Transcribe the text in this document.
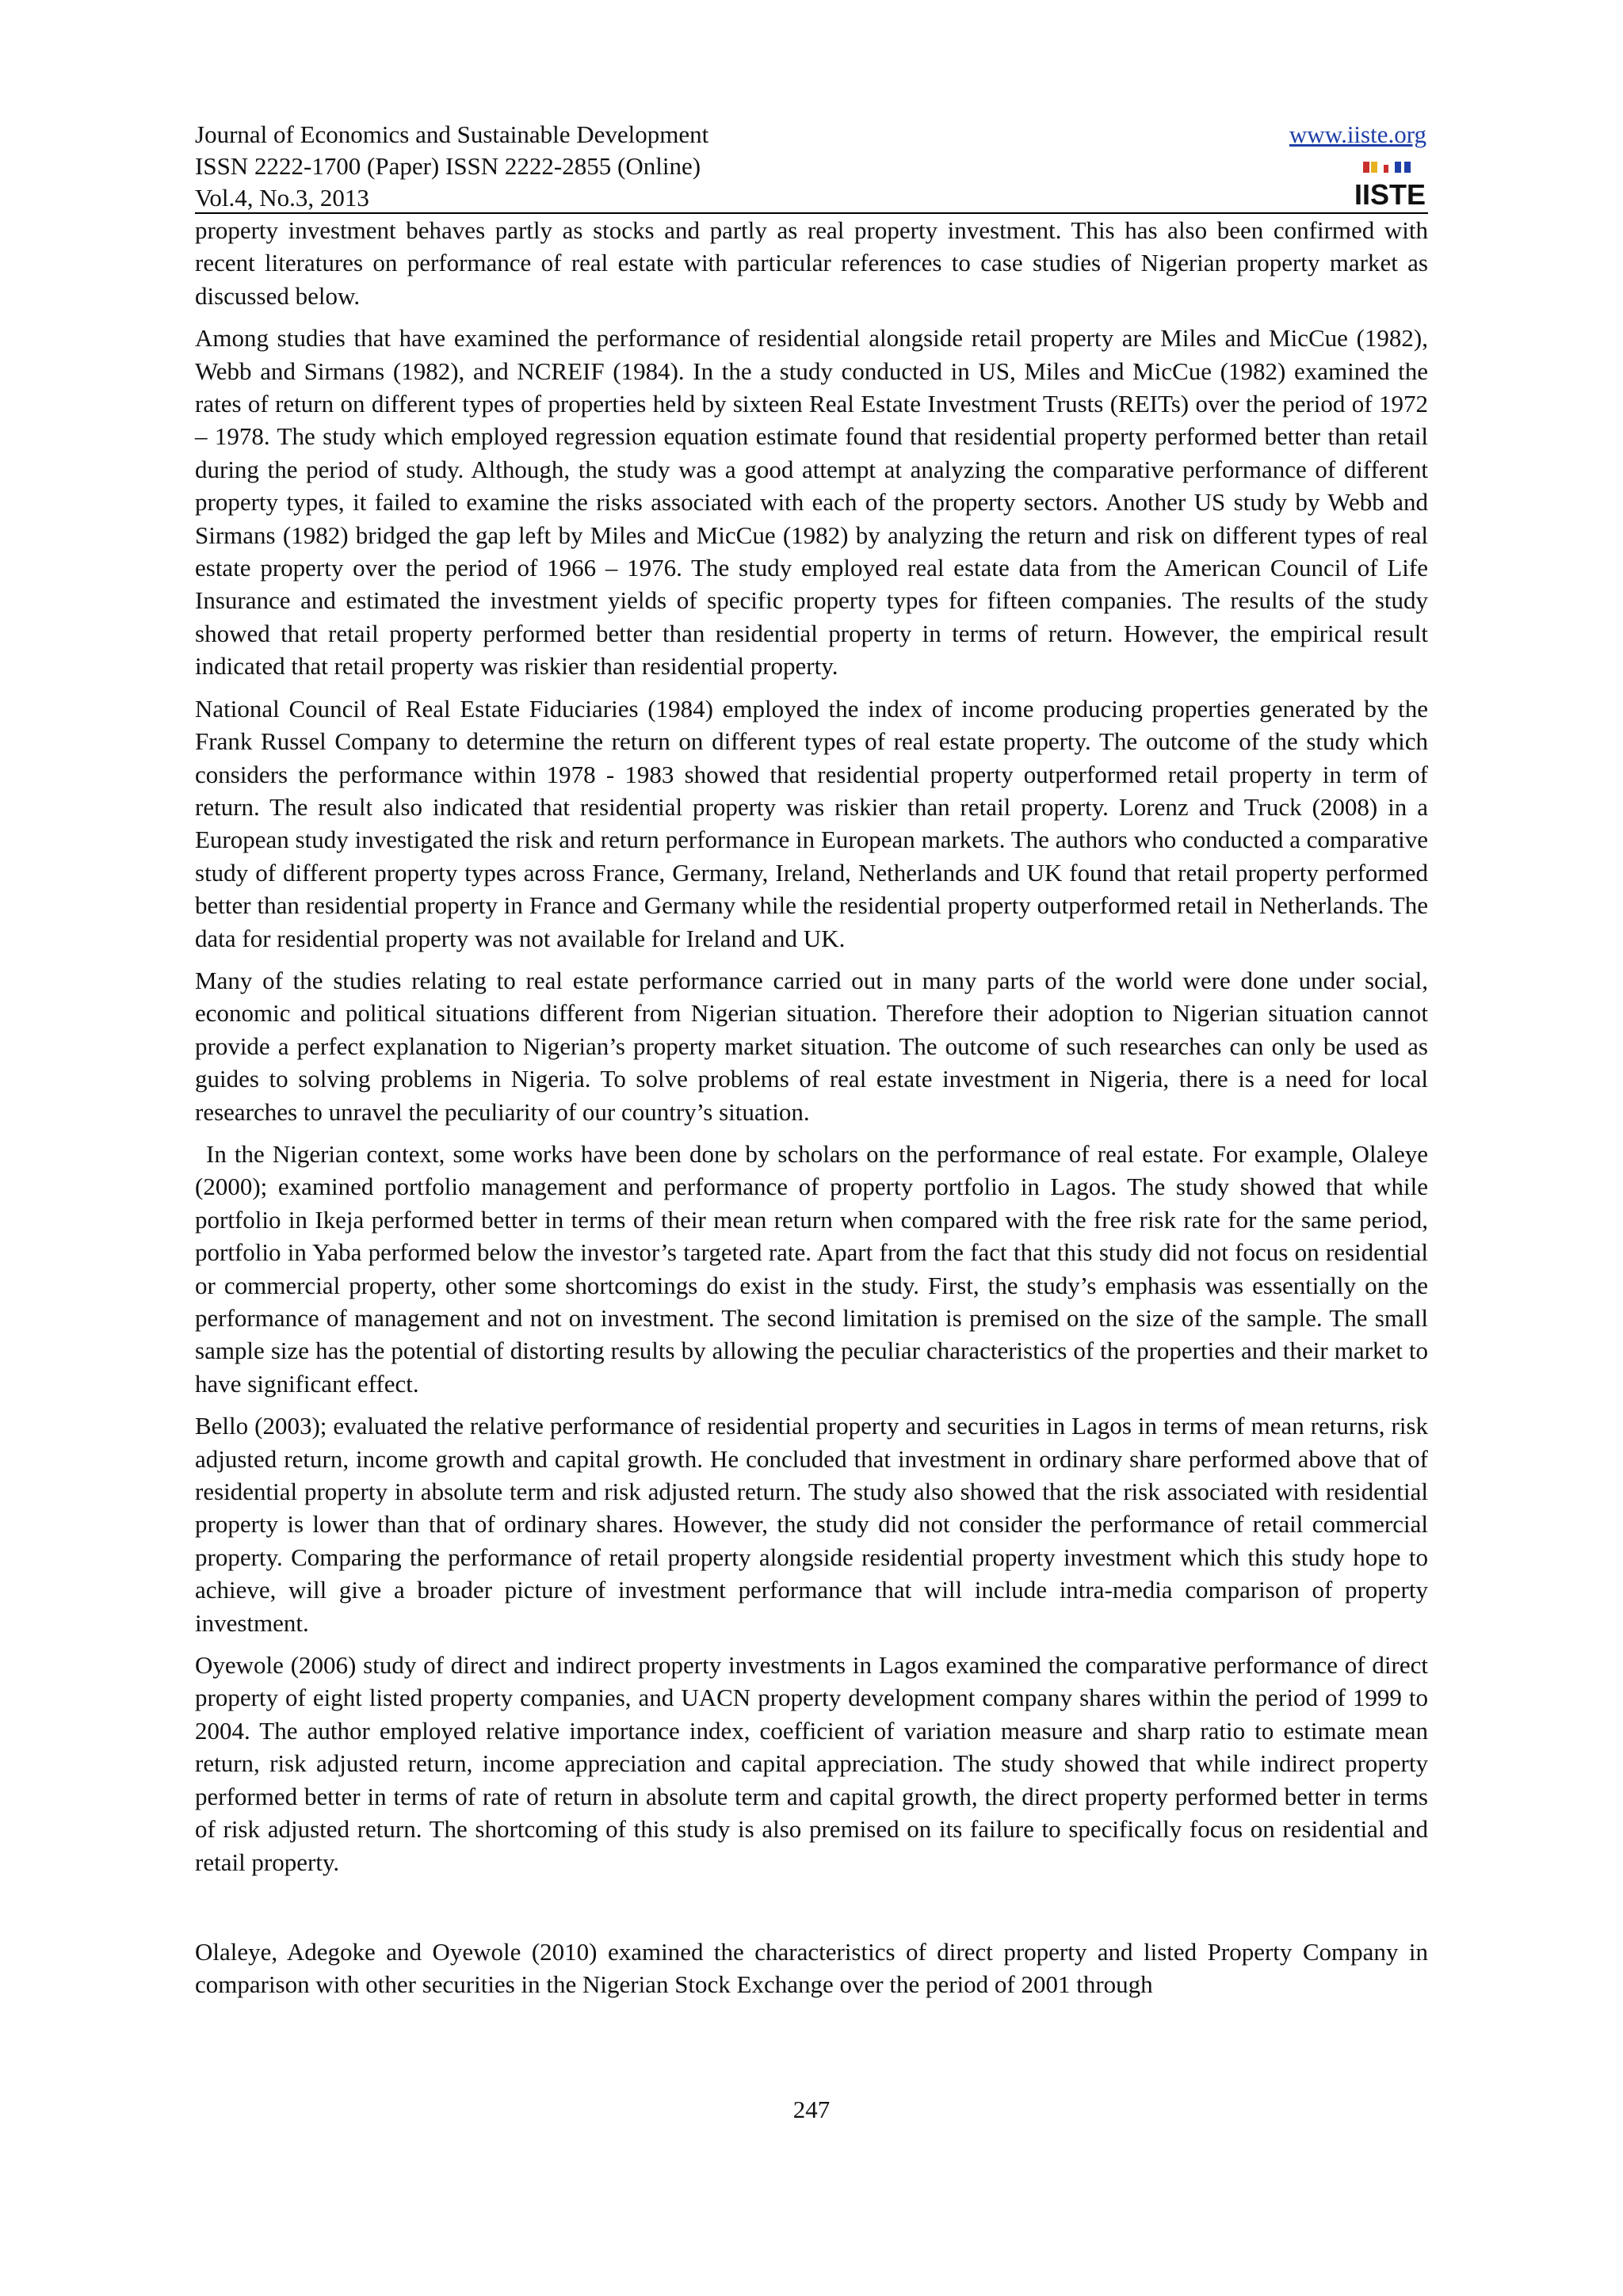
Journal of Economics and Sustainable Development
ISSN 2222-1700 (Paper) ISSN 2222-2855 (Online)
Vol.4, No.3, 2013
www.iiste.org
IISTE

property investment behaves partly as stocks and partly as real property investment. This has also been confirmed with recent literatures on performance of real estate with particular references to case studies of Nigerian property market as discussed below.

Among studies that have examined the performance of residential alongside retail property are Miles and MicCue (1982), Webb and Sirmans (1982), and NCREIF (1984). In the a study conducted in US, Miles and MicCue (1982) examined the rates of return on different types of properties held by sixteen Real Estate Investment Trusts (REITs) over the period of 1972 – 1978. The study which employed regression equation estimate found that residential property performed better than retail during the period of study. Although, the study was a good attempt at analyzing the comparative performance of different property types, it failed to examine the risks associated with each of the property sectors. Another US study by Webb and Sirmans (1982) bridged the gap left by Miles and MicCue (1982) by analyzing the return and risk on different types of real estate property over the period of 1966 – 1976. The study employed real estate data from the American Council of Life Insurance and estimated the investment yields of specific property types for fifteen companies. The results of the study showed that retail property performed better than residential property in terms of return. However, the empirical result indicated that retail property was riskier than residential property.

National Council of Real Estate Fiduciaries (1984) employed the index of income producing properties generated by the Frank Russel Company to determine the return on different types of real estate property. The outcome of the study which considers the performance within 1978 - 1983 showed that residential property outperformed retail property in term of return. The result also indicated that residential property was riskier than retail property. Lorenz and Truck (2008) in a European study investigated the risk and return performance in European markets. The authors who conducted a comparative study of different property types across France, Germany, Ireland, Netherlands and UK found that retail property performed better than residential property in France and Germany while the residential property outperformed retail in Netherlands. The data for residential property was not available for Ireland and UK.

Many of the studies relating to real estate performance carried out in many parts of the world were done under social, economic and political situations different from Nigerian situation. Therefore their adoption to Nigerian situation cannot provide a perfect explanation to Nigerian’s property market situation. The outcome of such researches can only be used as guides to solving problems in Nigeria. To solve problems of real estate investment in Nigeria, there is a need for local researches to unravel the peculiarity of our country’s situation.

In the Nigerian context, some works have been done by scholars on the performance of real estate. For example, Olaleye (2000); examined portfolio management and performance of property portfolio in Lagos. The study showed that while portfolio in Ikeja performed better in terms of their mean return when compared with the free risk rate for the same period, portfolio in Yaba performed below the investor’s targeted rate. Apart from the fact that this study did not focus on residential or commercial property, other some shortcomings do exist in the study. First, the study’s emphasis was essentially on the performance of management and not on investment. The second limitation is premised on the size of the sample. The small sample size has the potential of distorting results by allowing the peculiar characteristics of the properties and their market to have significant effect.

Bello (2003); evaluated the relative performance of residential property and securities in Lagos in terms of mean returns, risk adjusted return, income growth and capital growth. He concluded that investment in ordinary share performed above that of residential property in absolute term and risk adjusted return. The study also showed that the risk associated with residential property is lower than that of ordinary shares. However, the study did not consider the performance of retail commercial property. Comparing the performance of retail property alongside residential property investment which this study hope to achieve, will give a broader picture of investment performance that will include intra-media comparison of property investment.

Oyewole (2006) study of direct and indirect property investments in Lagos examined the comparative performance of direct property of eight listed property companies, and UACN property development company shares within the period of 1999 to 2004. The author employed relative importance index, coefficient of variation measure and sharp ratio to estimate mean return, risk adjusted return, income appreciation and capital appreciation. The study showed that while indirect property performed better in terms of rate of return in absolute term and capital growth, the direct property performed better in terms of risk adjusted return. The shortcoming of this study is also premised on its failure to specifically focus on residential and retail property.

Olaleye, Adegoke and Oyewole (2010) examined the characteristics of direct property and listed Property Company in comparison with other securities in the Nigerian Stock Exchange over the period of 2001 through

247
